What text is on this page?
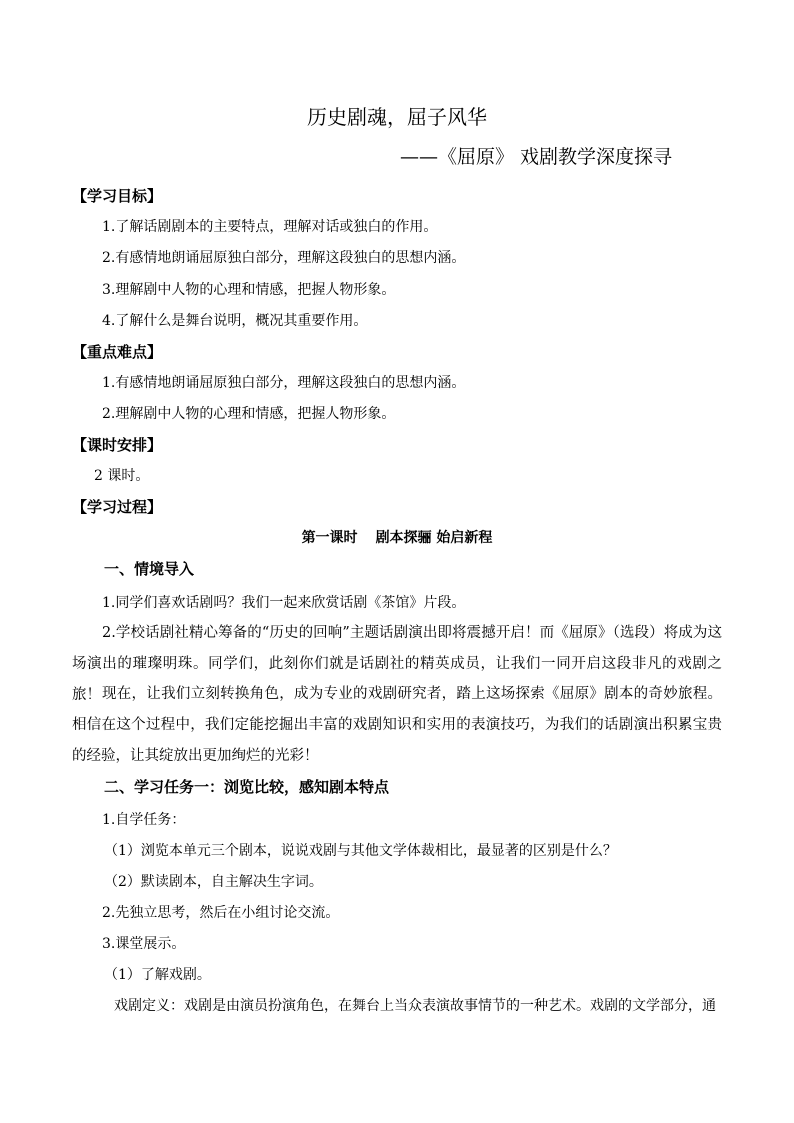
历史剧魂，屈子风华
——《屈原》 戏剧教学深度探寻
【学习目标】
1.了解话剧剧本的主要特点，理解对话或独白的作用。
2.有感情地朗诵屈原独白部分，理解这段独白的思想内涵。
3.理解剧中人物的心理和情感，把握人物形象。
4.了解什么是舞台说明，概况其重要作用。
【重点难点】
1.有感情地朗诵屈原独白部分，理解这段独白的思想内涵。
2.理解剧中人物的心理和情感，把握人物形象。
【课时安排】
2 课时。
【学习过程】
第一课时 剧本探骊 始启新程
一、情境导入
1.同学们喜欢话剧吗？我们一起来欣赏话剧《茶馆》片段。
2.学校话剧社精心筹备的“历史的回响”主题话剧演出即将震撼开启！而《屈原》（选段）将成为这场演出的璀璨明珠。同学们，此刻你们就是话剧社的精英成员，让我们一同开启这段非凡的戏剧之旅！ 现在，让我们立刻转换角色，成为专业的戏剧研究者，踏上这场探索《屈原》剧本的奇妙旅程。相信在这个过程中，我们定能挖掘出丰富的戏剧知识和实用的表演技巧，为我们的话剧演出积累宝贵的经验，让其绽放出更加绚烂的光彩！
二、学习任务一：浏览比较，感知剧本特点
1.自学任务：
（1）浏览本单元三个剧本，说说戏剧与其他文学体裁相比，最显著的区别是什么？
（2）默读剧本，自主解决生字词。
2.先独立思考，然后在小组讨论交流。
3.课堂展示。
（1）了解戏剧。
戏剧定义：戏剧是由演员扮演角色，在舞台上当众表演故事情节的一种艺术。戏剧的文学部分，通
